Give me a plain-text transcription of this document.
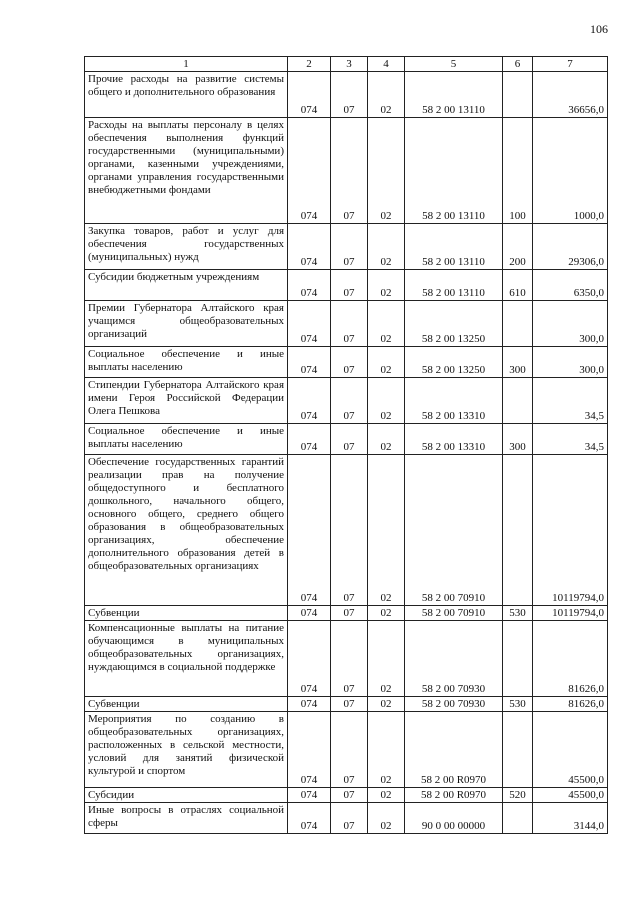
106
1	2	3	4	5	6	7
Прочие расходы на развитие системы общего и дополнительного образования	074	07	02	58 2 00 13110		36656,0
Расходы на выплаты персоналу в целях обеспечения выполнения функций государственными (муниципальными) органами, казенными учреждениями, органами управления государственными внебюджетными фондами	074	07	02	58 2 00 13110	100	1000,0
Закупка товаров, работ и услуг для обеспечения государственных (муниципальных) нужд	074	07	02	58 2 00 13110	200	29306,0
Субсидии бюджетным учреждениям	074	07	02	58 2 00 13110	610	6350,0
Премии Губернатора Алтайского края учащимся общеобразовательных организаций	074	07	02	58 2 00 13250		300,0
Социальное обеспечение и иные выплаты населению	074	07	02	58 2 00 13250	300	300,0
Стипендии Губернатора Алтайского края имени Героя Российской Федерации Олега Пешкова	074	07	02	58 2 00 13310		34,5
Социальное обеспечение и иные выплаты населению	074	07	02	58 2 00 13310	300	34,5
Обеспечение государственных гарантий реализации прав на получение общедоступного и бесплатного дошкольного, начального общего, основного общего, среднего общего образования в общеобразовательных организациях, обеспечение дополнительного образования детей в общеобразовательных организациях	074	07	02	58 2 00 70910		10119794,0
Субвенции	074	07	02	58 2 00 70910	530	10119794,0
Компенсационные выплаты на питание обучающимся в муниципальных общеобразовательных организациях, нуждающимся в социальной поддержке	074	07	02	58 2 00 70930		81626,0
Субвенции	074	07	02	58 2 00 70930	530	81626,0
Мероприятия по созданию в общеобразовательных организациях, расположенных в сельской местности, условий для занятий физической культурой и спортом	074	07	02	58 2 00 R0970		45500,0
Субсидии	074	07	02	58 2 00 R0970	520	45500,0
Иные вопросы в отраслях социальной сферы	074	07	02	90 0 00 00000		3144,0
